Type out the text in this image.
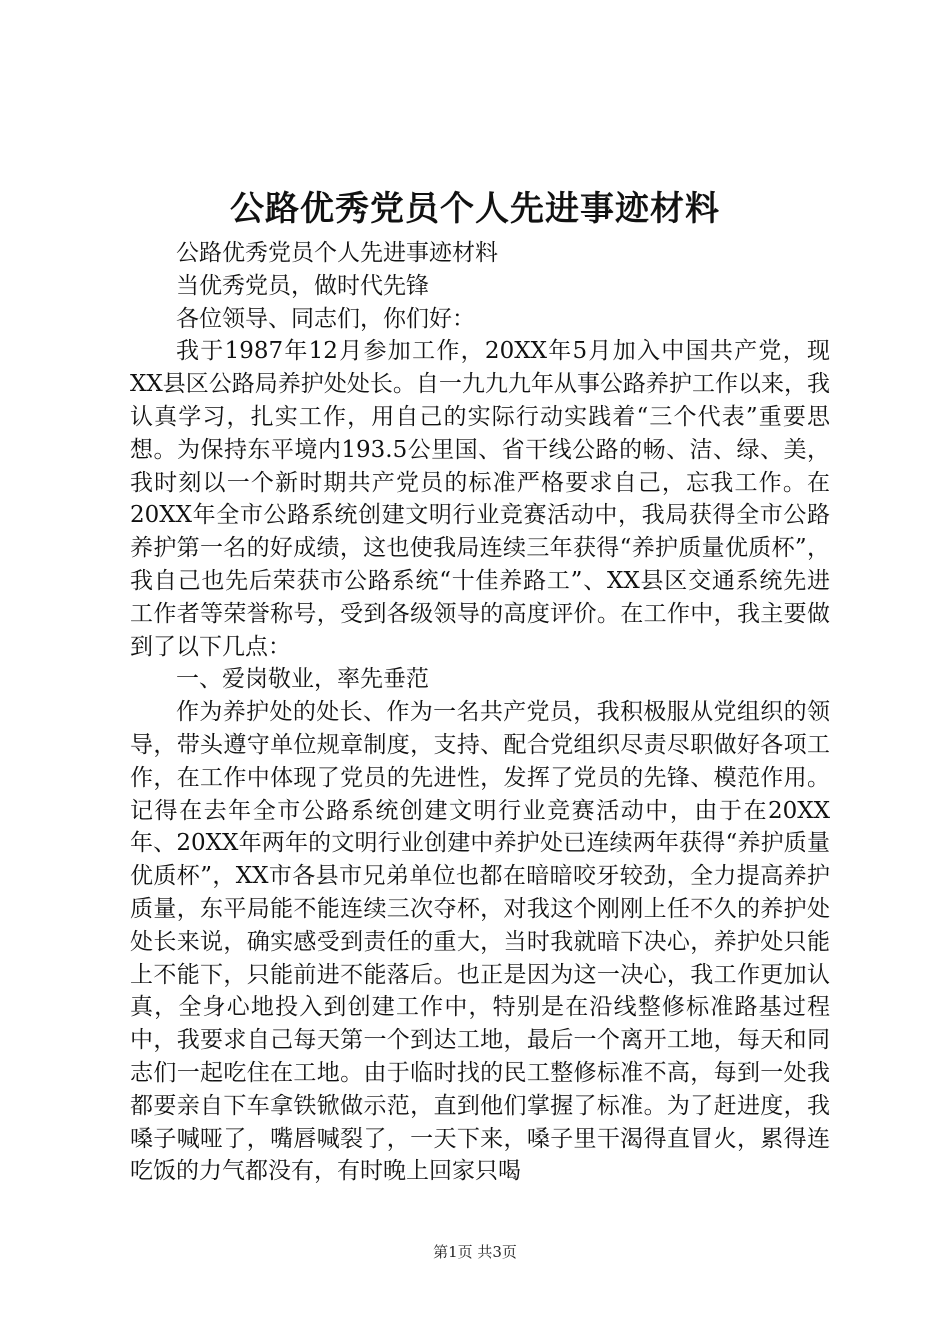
公路优秀党员个人先进事迹材料

公路优秀党员个人先进事迹材料

当优秀党员，做时代先锋

各位领导、同志们，你们好：

我于1987年12月参加工作，20XX年5月加入中国共产党，现XX县区公路局养护处处长。自一九九九年从事公路养护工作以来，我认真学习，扎实工作，用自己的实际行动实践着“三个代表”重要思想。为保持东平境内193.5公里国、省干线公路的畅、洁、绿、美，我时刻以一个新时期共产党员的标准严格要求自己，忘我工作。在20XX年全市公路系统创建文明行业竞赛活动中，我局获得全市公路养护第一名的好成绩，这也使我局连续三年获得“养护质量优质杯”，我自己也先后荣获市公路系统“十佳养路工”、XX县区交通系统先进工作者等荣誉称号，受到各级领导的高度评价。在工作中，我主要做到了以下几点：

一、爱岗敬业，率先垂范

作为养护处的处长、作为一名共产党员，我积极服从党组织的领导，带头遵守单位规章制度，支持、配合党组织尽责尽职做好各项工作，在工作中体现了党员的先进性，发挥了党员的先锋、模范作用。记得在去年全市公路系统创建文明行业竞赛活动中，由于在20XX年、20XX年两年的文明行业创建中养护处已连续两年获得“养护质量优质杯”，XX市各县市兄弟单位也都在暗暗咬牙较劲，全力提高养护质量，东平局能不能连续三次夺杯，对我这个刚刚上任不久的养护处处长来说，确实感受到责任的重大，当时我就暗下决心，养护处只能上不能下，只能前进不能落后。也正是因为这一决心，我工作更加认真，全身心地投入到创建工作中，特别是在沿线整修标准路基过程中，我要求自己每天第一个到达工地，最后一个离开工地，每天和同志们一起吃住在工地。由于临时找的民工整修标准不高，每到一处我都要亲自下车拿铁锨做示范，直到他们掌握了标准。为了赶进度，我嗓子喊哑了，嘴唇喊裂了，一天下来，嗓子里干渴得直冒火，累得连吃饭的力气都没有，有时晚上回家只喝

第1页 共3页
